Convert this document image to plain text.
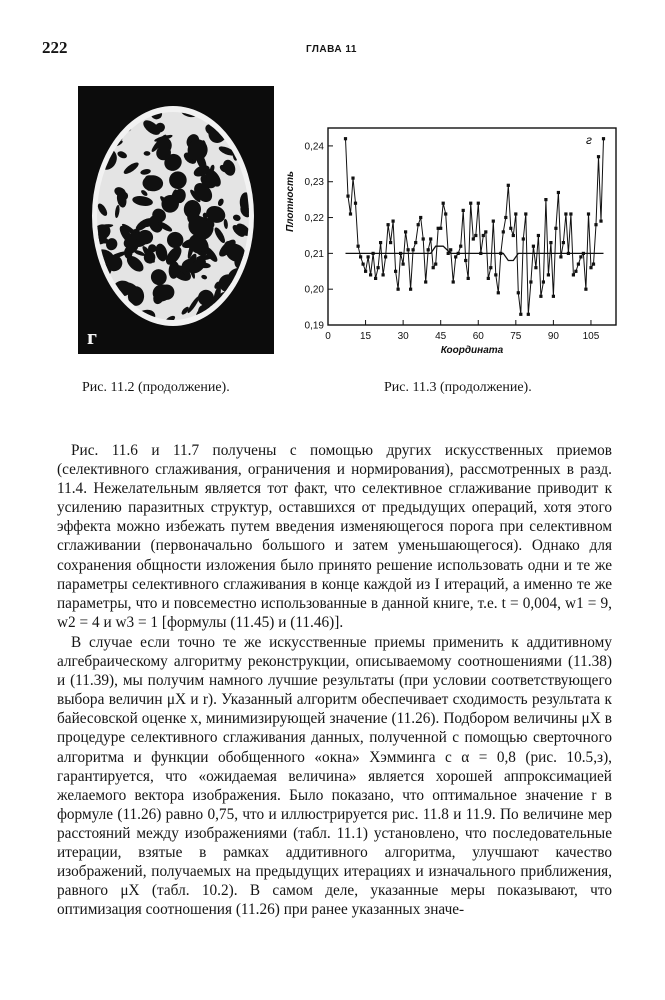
222	ГЛАВА 11
г	0	15	30	45	60	75	90 105
0,19
0,20
0,21
0,22
0,23
0,24
Координата
Плотность
г
Рис. 11.2 (продолжение).	Рис. 11.3 (продолжение).

Рис. 11.6 и 11.7 получены с помощью других искусственных приемов (селективного сглаживания, ограничения и нормирования), рассмотренных в разд. 11.4. Нежелательным является тот факт, что селективное сглаживание приводит к усилению паразитных структур, оставшихся от предыдущих операций, хотя этого эффекта можно избежать путем введения изменяющегося порога при селективном сглаживании (первоначально большого и затем уменьшающегося). Однако для сохранения общности изложения было принято решение использовать одни и те же параметры селективного сглаживания в конце каждой из I итераций, а именно те же параметры, что и повсеместно использованные в данной книге, т.е. t = 0,004, w1 = 9, w2 = 4 и w3 = 1 [формулы (11.45) и (11.46)].

В случае если точно те же искусственные приемы применить к аддитивному алгебраическому алгоритму реконструкции, описываемому соотношениями (11.38) и (11.39), мы получим намного лучшие результаты (при условии соответствующего выбора величин μX и r). Указанный алгоритм обеспечивает сходимость результата к байесовской оценке x, минимизирующей значение (11.26). Подбором величины μX в процедуре селективного сглаживания данных, полученной с помощью сверточного алгоритма и функции обобщенного «окна» Хэмминга с α = 0,8 (рис. 10.5,з), гарантируется, что «ожидаемая величина» является хорошей аппроксимацией желаемого вектора изображения. Было показано, что оптимальное значение r в формуле (11.26) равно 0,75, что и иллюстрируется рис. 11.8 и 11.9. По величине мер расстояний между изображениями (табл. 11.1) установлено, что последовательные итерации, взятые в рамках аддитивного алгоритма, улучшают качество изображений, получаемых на предыдущих итерациях и изначального приближения, равного μX (табл. 10.2). В самом деле, указанные меры показывают, что оптимизация соотношения (11.26) при ранее указанных значе-
